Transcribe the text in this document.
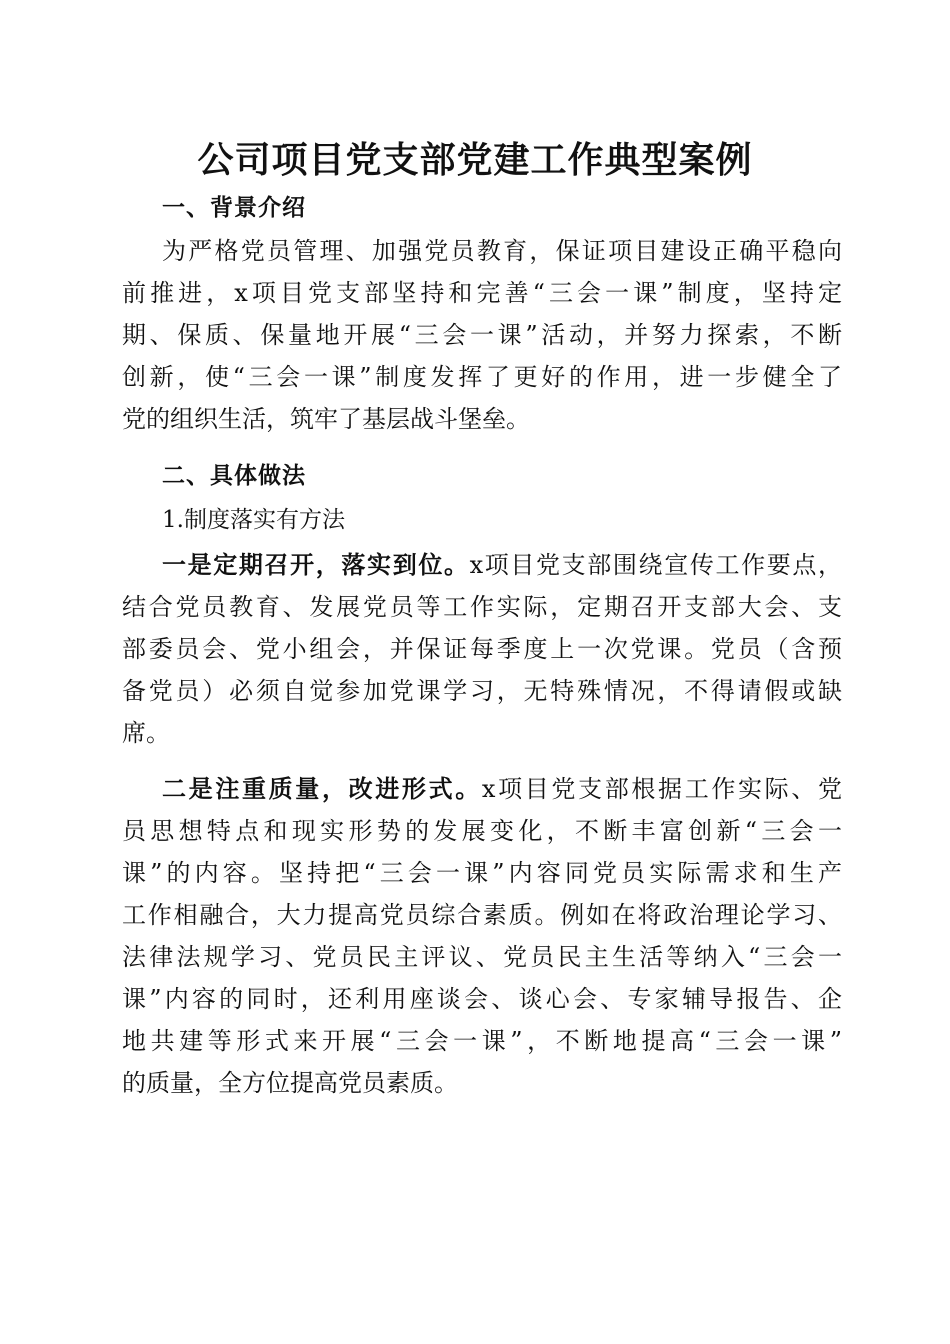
公司项目党支部党建工作典型案例
一、背景介绍
为严格党员管理、加强党员教育，保证项目建设正确平稳向
前推进，x项目党支部坚持和完善“三会一课”制度，坚持定
期、保质、保量地开展“三会一课”活动，并努力探索，不断
创新，使“三会一课”制度发挥了更好的作用，进一步健全了
党的组织生活，筑牢了基层战斗堡垒。
二、具体做法
1.制度落实有方法
一是定期召开，落实到位。x项目党支部围绕宣传工作要点，
结合党员教育、发展党员等工作实际，定期召开支部大会、支
部委员会、党小组会，并保证每季度上一次党课。党员（含预
备党员）必须自觉参加党课学习，无特殊情况，不得请假或缺
席。
二是注重质量，改进形式。x项目党支部根据工作实际、党
员思想特点和现实形势的发展变化，不断丰富创新“三会一
课”的内容。坚持把“三会一课”内容同党员实际需求和生产
工作相融合，大力提高党员综合素质。例如在将政治理论学习、
法律法规学习、党员民主评议、党员民主生活等纳入“三会一
课”内容的同时，还利用座谈会、谈心会、专家辅导报告、企
地共建等形式来开展“三会一课”，不断地提高“三会一课”
的质量，全方位提高党员素质。
